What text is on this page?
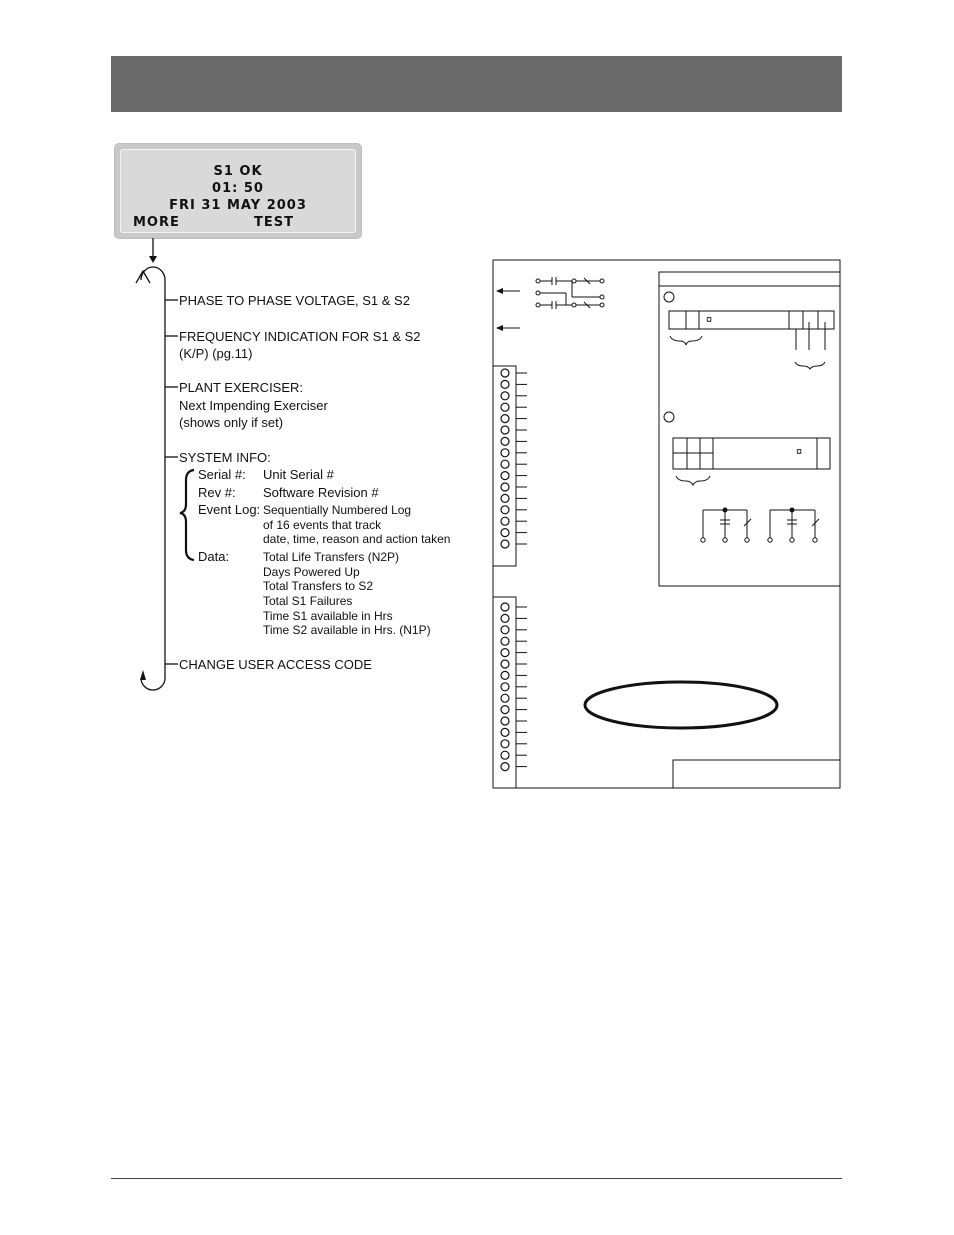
S1 OK
01: 50
FRI 31 MAY 2003
MORE	TEST
¤
¤
PHASE TO PHASE VOLTAGE, S1 & S2
FREQUENCY INDICATION FOR S1 & S2
(K/P) (pg.11)
PLANT EXERCISER:
Next Impending Exerciser
(shows only if set)
SYSTEM INFO:
Serial #: Unit Serial #
Rev #: Software Revision #
Event Log: Sequentially Numbered Log
of 16 events that track
date, time, reason and action taken
Data:	Total Life Transfers (N2P)
Days Powered Up
Total Transfers to S2
Total S1 Failures
Time S1 available in Hrs
Time S2 available in Hrs. (N1P)
CHANGE USER ACCESS CODE
